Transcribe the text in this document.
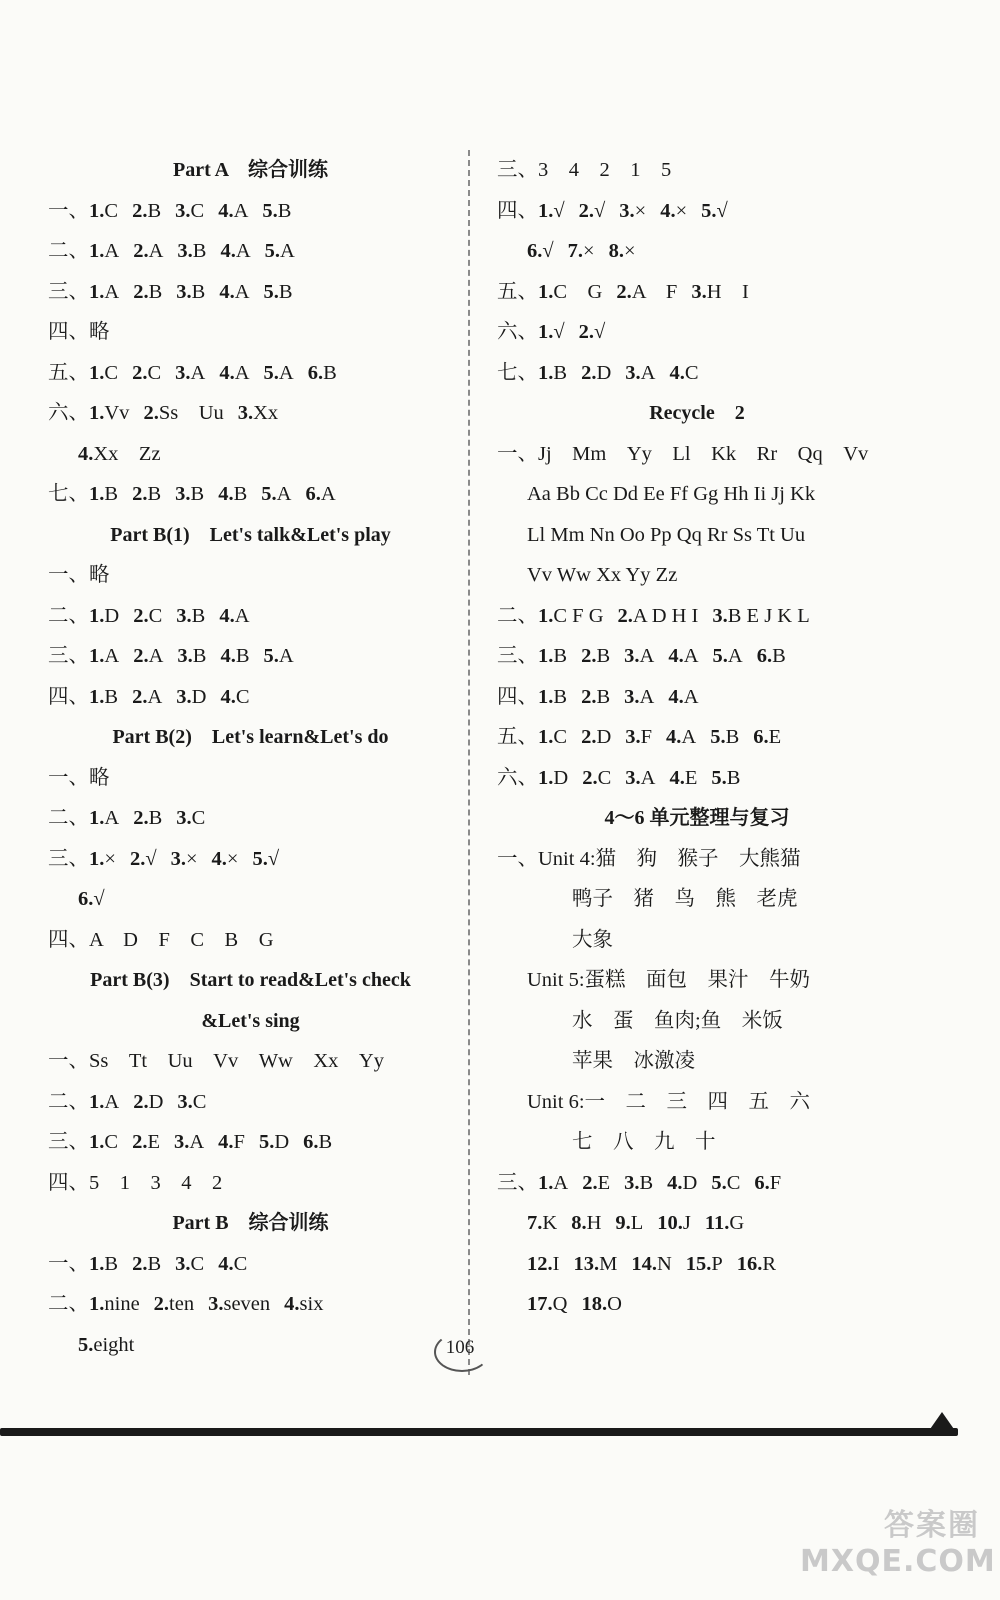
Part A　综合训练
一、1.C 2.B 3.C 4.A 5.B
二、1.A 2.A 3.B 4.A 5.A
三、1.A 2.B 3.B 4.A 5.B
四、略
五、1.C 2.C 3.A 4.A 5.A 6.B
六、1.Vv 2.Ss　Uu 3.Xx
4.Xx　Zz
七、1.B 2.B 3.B 4.B 5.A 6.A
Part B(1)　Let's talk&Let's play
一、略
二、1.D 2.C 3.B 4.A
三、1.A 2.A 3.B 4.B 5.A
四、1.B 2.A 3.D 4.C
Part B(2)　Let's learn&Let's do
一、略
二、1.A 2.B 3.C
三、1.× 2.√ 3.× 4.× 5.√
6.√
四、A　D　F　C　B　G
Part B(3)　Start to read&Let's check
&Let's sing
一、Ss　Tt　Uu　Vv　Ww　Xx　Yy
二、1.A 2.D 3.C
三、1.C 2.E 3.A 4.F 5.D 6.B
四、5　1　3　4　2
Part B　综合训练
一、1.B 2.B 3.C 4.C
二、1.nine 2.ten 3.seven 4.six
5.eight
三、3　4　2　1　5
四、1.√ 2.√ 3.× 4.× 5.√
6.√ 7.× 8.×
五、1.C　G 2.A　F 3.H　I
六、1.√ 2.√
七、1.B 2.D 3.A 4.C
Recycle　2
一、Jj　Mm　Yy　Ll　Kk　Rr　Qq　Vv
Aa Bb Cc Dd Ee Ff Gg Hh Ii Jj Kk
Ll Mm Nn Oo Pp Qq Rr Ss Tt Uu
Vv Ww Xx Yy Zz
二、1.C F G 2.A D H I 3.B E J K L
三、1.B 2.B 3.A 4.A 5.A 6.B
四、1.B 2.B 3.A 4.A
五、1.C 2.D 3.F 4.A 5.B 6.E
六、1.D 2.C 3.A 4.E 5.B
4～6 单元整理与复习
一、Unit 4:猫　狗　猴子　大熊猫
鸭子　猪　鸟　熊　老虎
大象
Unit 5:蛋糕　面包　果汁　牛奶
水　蛋　鱼肉;鱼　米饭
苹果　冰激凌
Unit 6:一　二　三　四　五　六
七　八　九　十
三、1.A 2.E 3.B 4.D 5.C 6.F
7.K 8.H 9.L 10.J 11.G
12.I 13.M 14.N 15.P 16.R
17.Q 18.O
106
答案圈
MXQE.COM
